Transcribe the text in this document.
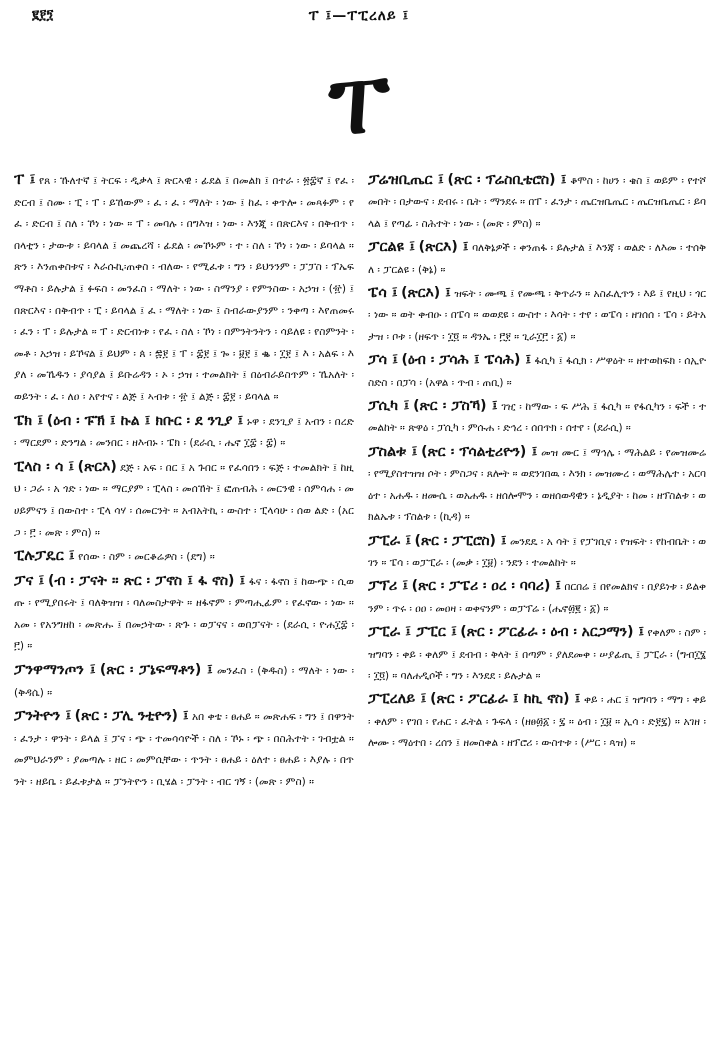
፪፻፺	ፐ ፤—ፐፒረለይ ፤
ፐ

ፐ ፤ የጸ ፡ ኹለተኛ ፤ ትርፍ ፡ ዲቃላ ፤ ጽርኣዊ ፡ ፊደል ፤ በመልክ ፤ በተራ ፡ ፳፰ኛ ፤ የፈ ፡ ድርብ ፤ ስሙ ፡ ፒ ፡ ፐ ፡ ይኸውም ፡ ፈ ፡ ፈ ፡ ማለት ፡ ነው ፤ ከፈ ፡ ቀጥሎ ፡ መጻፉም ፡ የፈ ፡ ድርብ ፤ ስለ ፡ ኾነ ፡ ነው ። ፐ ፡ መባሉ ፡ በግእዝ ፡ ነው ፡ እንጂ ፡ በጽርእና ፡ በቅብጥ ፡ በላቲን ፡ ታውቱ ፡ ይባላል ፤ መጨረሻ ፡ ፊደል ፡ መኾኑም ፡ ተ ፡ ስለ ፡ ኾነ ፡ ነው ፡ ይባላል ። ጽን ፡ እንጠቀስቱና ፡ እራሱኪ፡ጠቀስ ፡ ብለው ፡ የሚፈቱ ፡ ግን ፡ ይህንንም ፡ ፓፓስ ፡ ፕኤፍማቶስ ፡ ይሉታል ፤ ፉፍስ ፡ መንፈስ ፡ ማለት ፡ ነው ፡ ስማንያ ፡ የምንስው ፡ አኃዝ ፡ (፹) ፤ በጽርእና ፡ በቅብጥ ፡ ፒ ፡ ይባላል ፤ ፈ ፡ ማለት ፡ ነው ፤ ስብራውያንም ፡ ንቀጣ ፡ እየጠመሩ ፡ ፈን ፡ ፐ ፡ ይሉታል ። ፐ ፡ ድርብነቱ ፡ የፈ ፡ ስለ ፡ ኾነ ፡ በምንትንትን ፡ ሳይለዩ ፡ የስምንት ፡ መቶ ፡ አኃዝ ፡ ይኾናል ፤ ይህም ፡ ጰ ፡ ፷፻ ፤ ፐ ፡ ፰፻ ፤ ጐ ፡ ፱፻ ፤ ቈ ፡ ፲፻ ፤ እ ፡ አልፍ ፡ እያለ ፡ መኼዱን ፡ ያሳያል ፤ ይቡሬዳን ፡ ኦ ፡ ኃዝ ፡ ተመልክት ፤ በዕብራይስጥም ፡ ኼአለት ፡ ወይንት ፡ ፈ ፡ ለዐ ፡ አየተና ፡ ልጅ ፤ ኣብቱ ፡ ፹ ፤ ልጅ ፡ ፰፻ ፡ ይባላል ።

ፔክ ፤ (ዕብ ፡ ፑኽ ፤ ኩል ፤ ክቡር ፡ ደ ንጊያ ፤ ኑዋ ፡ ደንጊያ ፤ አብን ፡ በረድ ፡ ማርደም ፡ ድንግል ፡ መንበር ፡ ዘእብኑ ፡ ፔክ ፡ (ደራሲ ፡ ሔኖ ፲፰ ፡ ፰) ።

ፒላስ ፡ ሳ ፤ (ጽርእ) ደጅ ፡ አፍ ፡ በር ፤ አ ጉበር ። የፈሳበን ፡ ፍጅ ፡ ተመልክት ፤ ከዚህ ፡ ጋራ ፡ አ ጎድ ፡ ነው ። ማርያም ፡ ፒላስ ፡ መሰኸት ፤ ፎጠብሕ ፡ መርንዊ ፡ ሰምሳሐ ፡ መሀይምናን ፤ በውስተ ፡ ፒላ ሳሃ ፡ ሰመርንት ። አብአትኪ ፡ ውስተ ፡ ፒላሳሁ ፡ ሰወ ልድ ፡ (አርጋ ፡ ፫ ፡ መጽ ፡ ምስ) ።

ፒሉፓዴር ፤ የሰው ፡ ስም ፡ መርቆሬዎስ ፡ (ደግ) ።

ፓና ፤ (ብ ፡ ፓናት ። ጽር ፡ ፓኖስ ፤ ፋ ኖስ) ፤ ፋና ፡ ፋኖስ ፤ ከውጭ ፡ ሲወጡ ፡ የሚያበሩት ፤ ባለቅዝዝ ፡ ባለመስታዋት ። ዘፋኖም ፡ ምጣሒፊም ፡ የፈኖው ፡ ነው ። አመ ፡ የአንግዘከ ፡ መጽሑ ፤ በመኃትው ፡ ጽጉ ፡ ወፓናና ፡ ወበፓናት ፡ (ደራሲ ፡ ዮሐ፲፰ ፡ ፫) ።

ፓንዋማንጦን ፤ (ጽር ፡ ፓኔፍማቶን) ፤ መንፈስ ፡ (ቅዱስ) ፡ ማለት ፡ ነው ፡ (ቅዳሴ) ።

ፓንትዮን ፤ (ጽር ፡ ፓሊ ንቲዮን) ፤ አበ ቀቴ ፡ ፀሐይ ። መጽሐፍ ፡ ግን ፤ በዋንት ፡ ፈንታ ፡ ዋንት ፡ ይላል ፤ ፓና ፡ ጭ ፡ ተመሳሳዮች ፡ ስለ ፡ ኾኑ ፡ ጭ ፡ በስሕተት ፡ ገብቷል ። መምህራንም ፡ ያመጣሉ ፡ ዘር ፡ መምሲቸው ፡ ጥንት ፡ ፀሐይ ፡ ዕለተ ፡ ፀሐይ ፡ እያሉ ፡ በጥንት ፡ ዘይቤ ፡ ይፈቱታል ። ፓንትዮን ፡ ቢሄል ፡ ፓንት ፡ ብር ገኝ ፡ (መጽ ፡ ምስ) ።

ፓሬዝቢጤር ፤ (ጽር ፡ ፕሬስቢቴሮስ) ፤ ቆሞስ ፡ ከሀን ፡ ቄስ ፤ ወይም ፡ የተሾመበት ፡ በታውና ፡ ደብሩ ፡ ቤት ፡ ማንደሩ ። በፐ ፡ ፈንታ ፡ ጤርዝቤጤር ፡ ጤርዝቤጤር ፡ ይባላል ፤ የጣፊ ፡ ስሕተት ፡ ነው ፡ (መጽ ፡ ምስ) ።

ፓርልዩ ፤ (ጽርእ) ፤ ባለቅኔዎች ፡ ቀንጠፋ ፡ ይሉታል ፤ እንጃ ፡ ወልድ ፡ ለእመ ፡ ተሰቅለ ፡ ፓርልዩ ፡ (ቅኔ) ።

ፔሳ ፤ (ጽርእ) ፤ ዝፍት ፡ ሙጫ ፤ የሙጫ ፡ ቅጥራን ። አስፈሊጥን ፡ እይ ፤ የዚህ ፡ ጎር ፡ ነው ። ወት ቀብዑ ፡ በፔሳ ። ወወደዩ ፡ ውስተ ፡ እሳት ፡ ተየ ፡ ወፔሳ ፡ ዘገሰሰ ፡ ፔሳ ፡ ይትአታዝ ፡ ቦቱ ፡ (ዘፍጥ ፡ ፲፬ ። ዳንኤ ፡ ፫፻ ። ጊራ፲፫ ፡ ፩) ።

ፓሳ ፤ (ዕብ ፡ ፓሳሕ ፤ ፔሳሕ) ፤ ፋሲካ ፤ ፋሲክ ፡ ሥዋዕት ። ዘተወከፍክ ፡ ሰኢዮስድስ ፡ በፓሳ ፡ (አዋል ፡ ጥብ ፡ ጠቢ) ።

ፓሲካ ፤ (ጽር ፡ ፓስኻ) ፤ ገዢ ፡ ከማው ፡ ፍ ሥሕ ፤ ፋሲካ ። የፋሲካን ፡ ፍች ፡ ተመልከት ። ጽዋዕ ፡ ፓሲካ ፡ ምሱሐ ፡ ድኅረ ፡ ሰበጥክ ፡ ሰተየ ፡ (ደራሲ) ።

ፓስልቱ ፤ (ጽር ፡ ፕሳልቲሪዮን) ፤ መዝ ሙር ፤ ማኅሌ ፡ ማሕልይ ፡ የመዝሙሬ ፡ የሚያስተዝዝ ሶት ፡ ምስጋና ፡ ጸሎት ። ወደንገበዉ ፡ እንክ ፡ መዝሙረ ፡ ወማሕሌተ ፡ አርባዕተ ፡ አሐዱ ፡ ዘሙሴ ፡ ወአሐዱ ፡ ዘሰሎሞን ፡ ወዘሰወዳዊን ፡ ኔዲያት ፡ ከመ ፡ ዘፕስልቱ ፡ ወክልኤቱ ፡ ፕስልቱ ፡ (ኪዳ) ።

ፓፒራ ፤ (ጽር ፡ ፓፒሮስ) ፤ መንደዴ ፡ አ ሳት ፤ የፓገቢና ፡ የዝፍት ፡ የከብቤት ፡ ወገን ። ፔሳ ፡ ወፓፒራ ፡ (መቃ ፡ ፲፱) ፡ ንደን ፡ ተመልከት ።

ፓፕሪ ፤ (ጽር ፡ ፓፔሪ ፡ ዐረ ፡ ባባሪ) ፤ በርበሬ ፤ በየመልክና ፡ በያይነቱ ፡ ይልቀንም ፡ ጥሩ ፡ ዐዐ ፡ መዐዛ ፡ ወቀናንም ፡ ወፓፕሬ ፡ (ሔኖ፴፪ ፡ ፩) ።

ፓፒራ ፤ ፓፒር ፤ (ጽር ፡ ፖርፊራ ፡ ዕብ ፡ አርጋማን) ፤ የቀለም ፡ ስም ፡ ዝግባን ፡ ቀይ ፡ ቀለም ፤ ደብብ ፡ ቅላት ፤ በጣም ፡ ያለደመቀ ፡ ሠያፊጢ ፤ ፓፒራ ፡ (ግብ፲፮ ፡ ፲፬) ። ባለሐዲሶች ፡ ግን ፡ እንደደ ፡ ይሉታል ።

ፓፒረለይ ፤ (ጽር ፡ ፖርፊራ ፤ ከኪ ኖስ) ፤ ቀይ ፡ ሐር ፤ ዝግባን ፡ ማግ ፡ ቀይ ፡ ቀለም ፡ የገበ ፡ የሐር ፡ ፈትል ፡ ጉፍላ ፡ (ዘፀ፴፩ ፡ ፯ ። ዕብ ፡ ፲፱ ። ኢሳ ፡ ድ፻፯) ። አገዘ ፡ ሎሙ ፡ ማዕተበ ፡ ረሰን ፤ ዘመስቀል ፡ ዘፕሮሪ ፡ ውስተቱ ፡ (ሥር ፡ ጳዝ) ።
